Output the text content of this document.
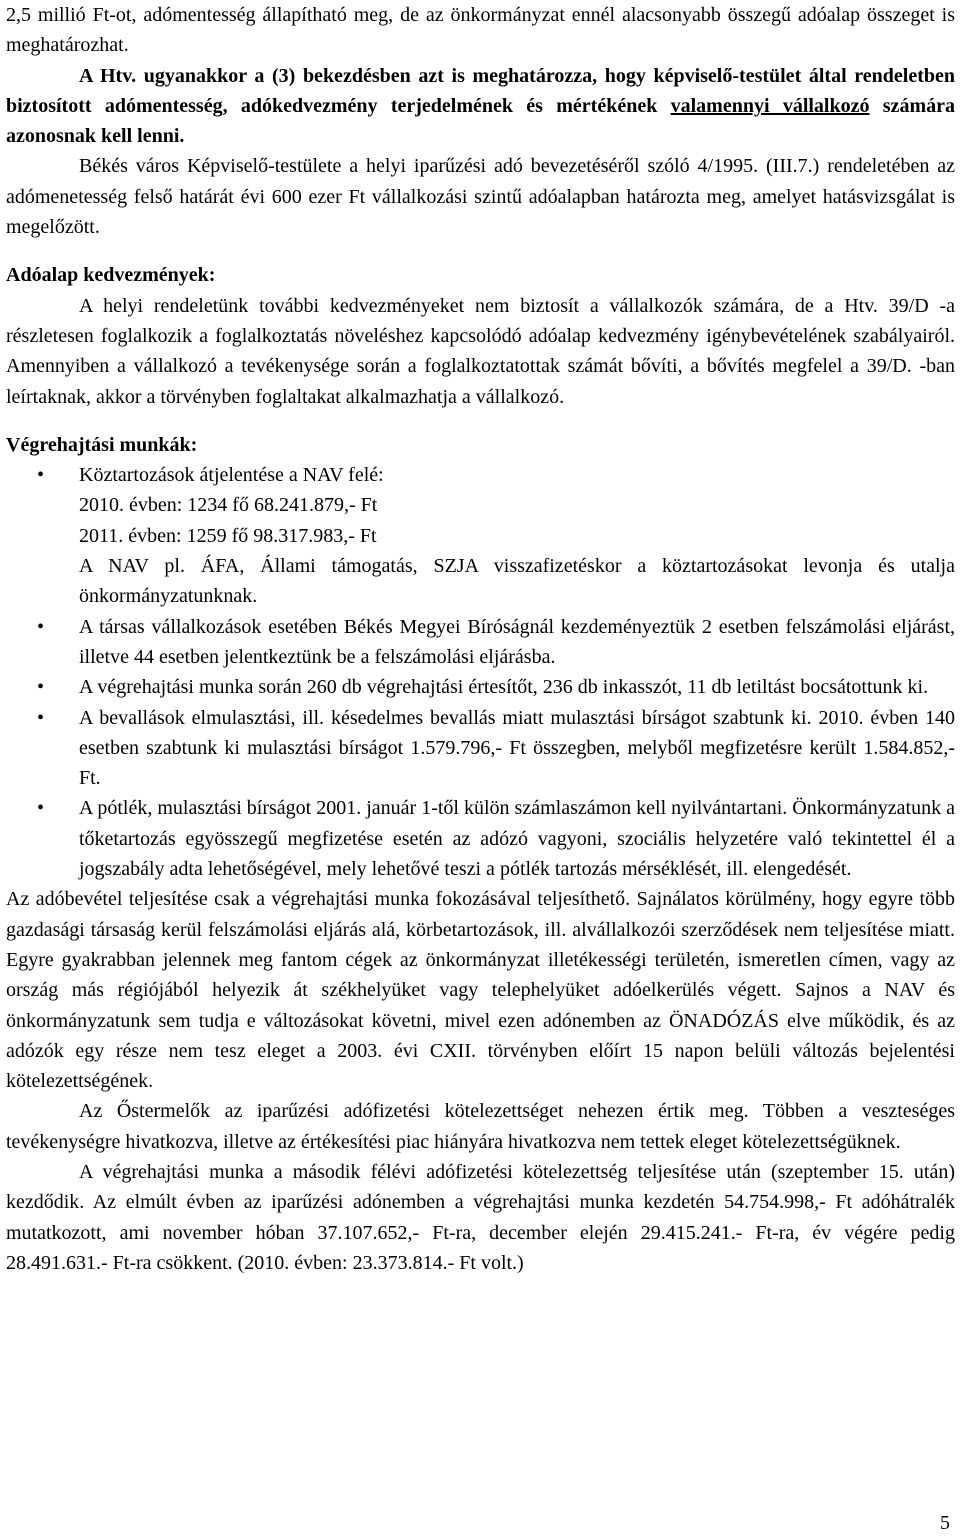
2,5 millió Ft-ot, adómentesség állapítható meg, de az önkormányzat ennél alacsonyabb összegű adóalap összeget is meghatározhat.

A Htv. ugyanakkor a (3) bekezdésben azt is meghatározza, hogy képviselő-testület által rendeletben biztosított adómentesség, adókedvezmény terjedelmének és mértékének valamennyi vállalkozó számára azonosnak kell lenni.

Békés város Képviselő-testülete a helyi iparűzési adó bevezetéséről szóló 4/1995. (III.7.) rendeletében az adómenetesség felső határát évi 600 ezer Ft vállalkozási szintű adóalapban határozta meg, amelyet hatásvizsgálat is megelőzött.

Adóalap kedvezmények:

A helyi rendeletünk további kedvezményeket nem biztosít a vállalkozók számára, de a Htv. 39/D -a részletesen foglalkozik a foglalkoztatás növeléshez kapcsolódó adóalap kedvezmény igénybevételének szabályairól. Amennyiben a vállalkozó a tevékenysége során a foglalkoztatottak számát bővíti, a bővítés megfelel a 39/D. -ban leírtaknak, akkor a törvényben foglaltakat alkalmazhatja a vállalkozó.

Végrehajtási munkák:

• Köztartozások átjelentése a NAV felé:
2010. évben: 1234 fő 68.241.879,- Ft
2011. évben: 1259 fő 98.317.983,- Ft
A NAV pl. ÁFA, Állami támogatás, SZJA visszafizetéskor a köztartozásokat levonja és utalja önkormányzatunknak.
• A társas vállalkozások esetében Békés Megyei Bíróságnál kezdeményeztük 2 esetben felszámolási eljárást, illetve 44 esetben jelentkeztünk be a felszámolási eljárásba.
• A végrehajtási munka során 260 db végrehajtási értesítőt, 236 db inkasszót, 11 db letiltást bocsátottunk ki.
• A bevallások elmulasztási, ill. késedelmes bevallás miatt mulasztási bírságot szabtunk ki. 2010. évben 140 esetben szabtunk ki mulasztási bírságot 1.579.796,- Ft összegben, melyből megfizetésre került 1.584.852,- Ft.
• A pótlék, mulasztási bírságot 2001. január 1-től külön számlaszámon kell nyilvántartani. Önkormányzatunk a tőketartozás egyösszegű megfizetése esetén az adózó vagyoni, szociális helyzetére való tekintettel él a jogszabály adta lehetőségével, mely lehetővé teszi a pótlék tartozás mérséklését, ill. elengedését.

Az adóbevétel teljesítése csak a végrehajtási munka fokozásával teljesíthető. Sajnálatos körülmény, hogy egyre több gazdasági társaság kerül felszámolási eljárás alá, körbetartozások, ill. alvállalkozói szerződések nem teljesítése miatt. Egyre gyakrabban jelennek meg fantom cégek az önkormányzat illetékességi területén, ismeretlen címen, vagy az ország más régiójából helyezik át székhelyüket vagy telephelyüket adóelkerülés végett. Sajnos a NAV és önkormányzatunk sem tudja e változásokat követni, mivel ezen adónemben az ÖNADÓZÁS elve működik, és az adózók egy része nem tesz eleget a 2003. évi CXII. törvényben előírt 15 napon belüli változás bejelentési kötelezettségének.

Az Őstermelők az iparűzési adófizetési kötelezettséget nehezen értik meg. Többen a veszteséges tevékenységre hivatkozva, illetve az értékesítési piac hiányára hivatkozva nem tettek eleget kötelezettségüknek.

A végrehajtási munka a második félévi adófizetési kötelezettség teljesítése után (szeptember 15. után) kezdődik. Az elmúlt évben az iparűzési adónemben a végrehajtási munka kezdetén 54.754.998,- Ft adóhátralék mutatkozott, ami november hóban 37.107.652,- Ft-ra, december elején 29.415.241.- Ft-ra, év végére pedig 28.491.631.- Ft-ra csökkent. (2010. évben: 23.373.814.- Ft volt.)

5
